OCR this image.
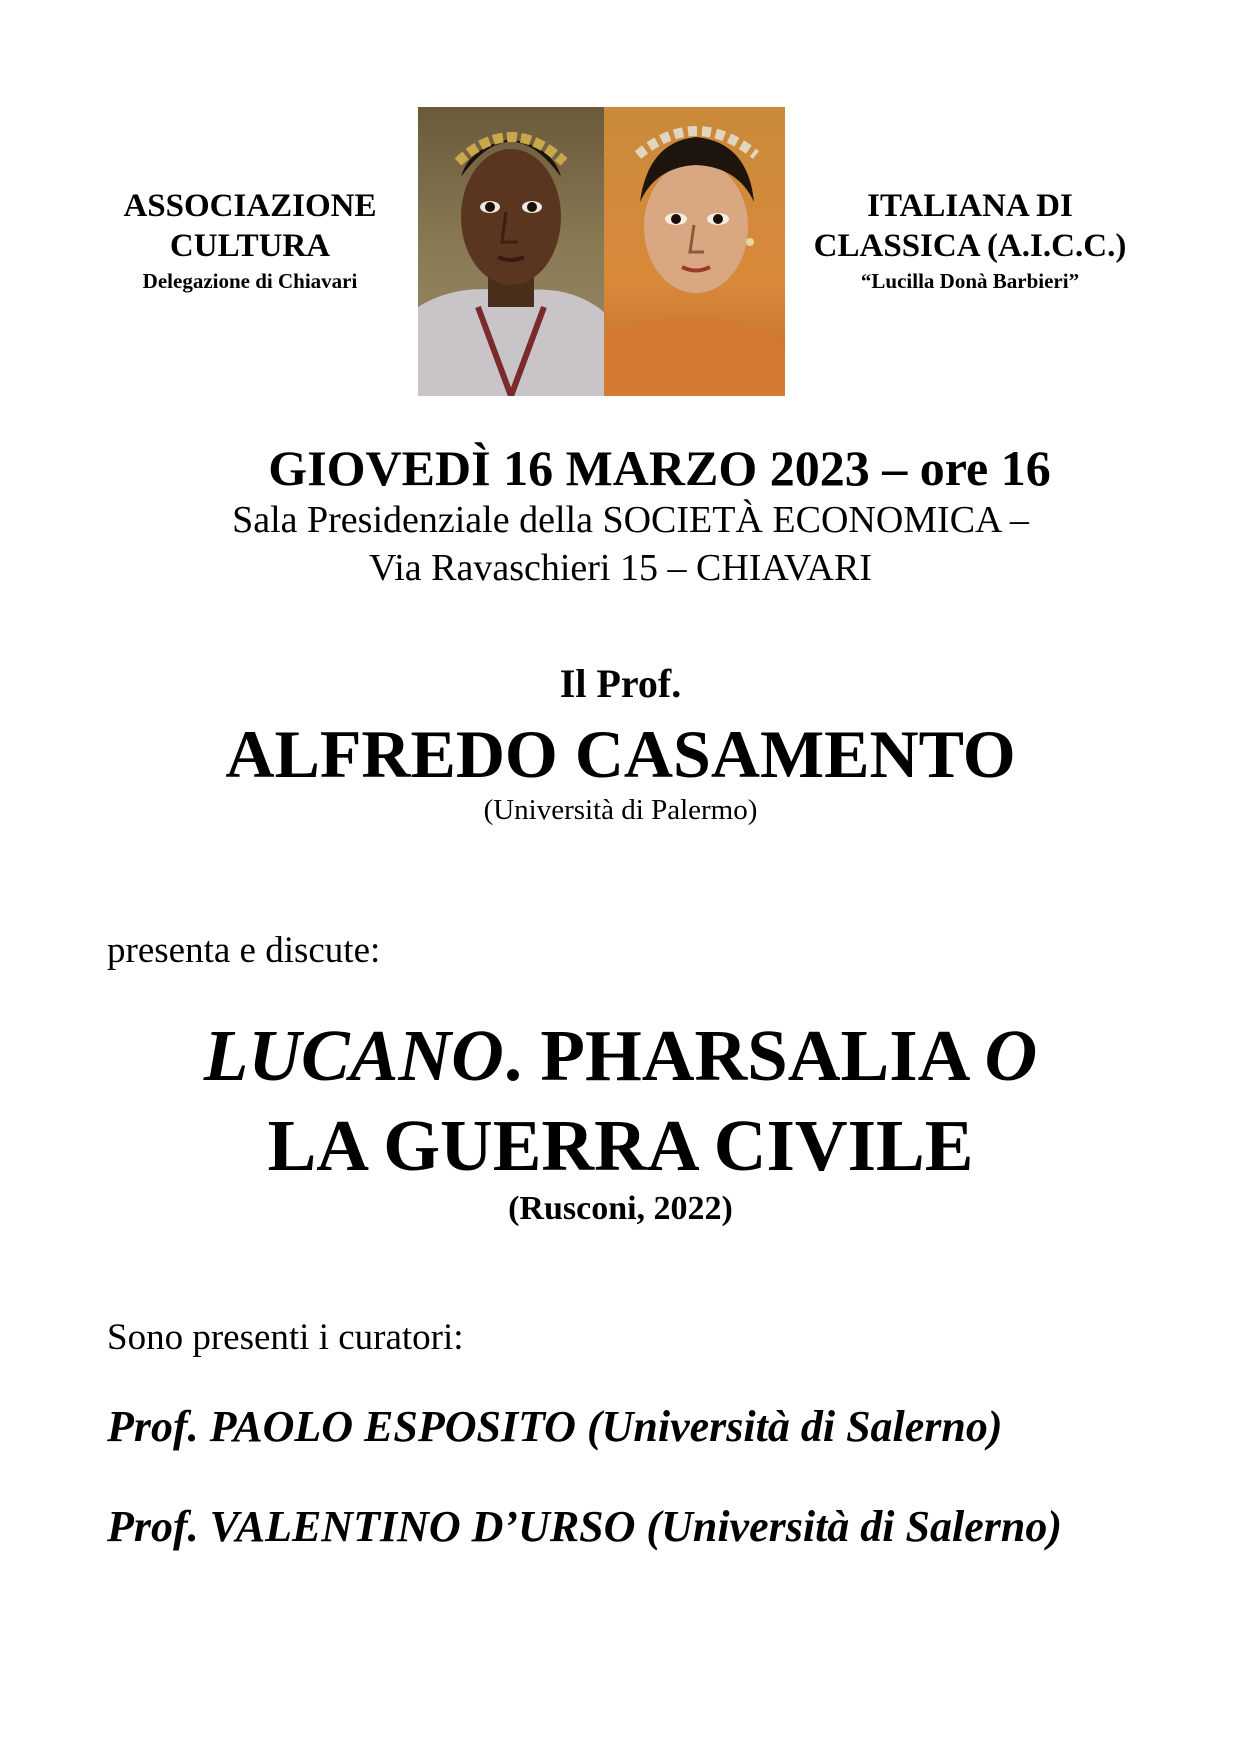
ASSOCIAZIONE
CULTURA
Delegazione di Chiavari
ITALIANA DI
CLASSICA (A.I.C.C.)
“Lucilla Donà Barbieri”
GIOVEDÌ 16 MARZO 2023 – ore 16
Sala Presidenziale della SOCIETÀ ECONOMICA –
Via Ravaschieri 15 – CHIAVARI
Il Prof.
ALFREDO CASAMENTO
(Università di Palermo)
presenta e discute:
LUCANO. PHARSALIA O
LA GUERRA CIVILE
(Rusconi, 2022)
Sono presenti i curatori:
Prof. PAOLO ESPOSITO (Università di Salerno)
Prof. VALENTINO D’URSO (Università di Salerno)
